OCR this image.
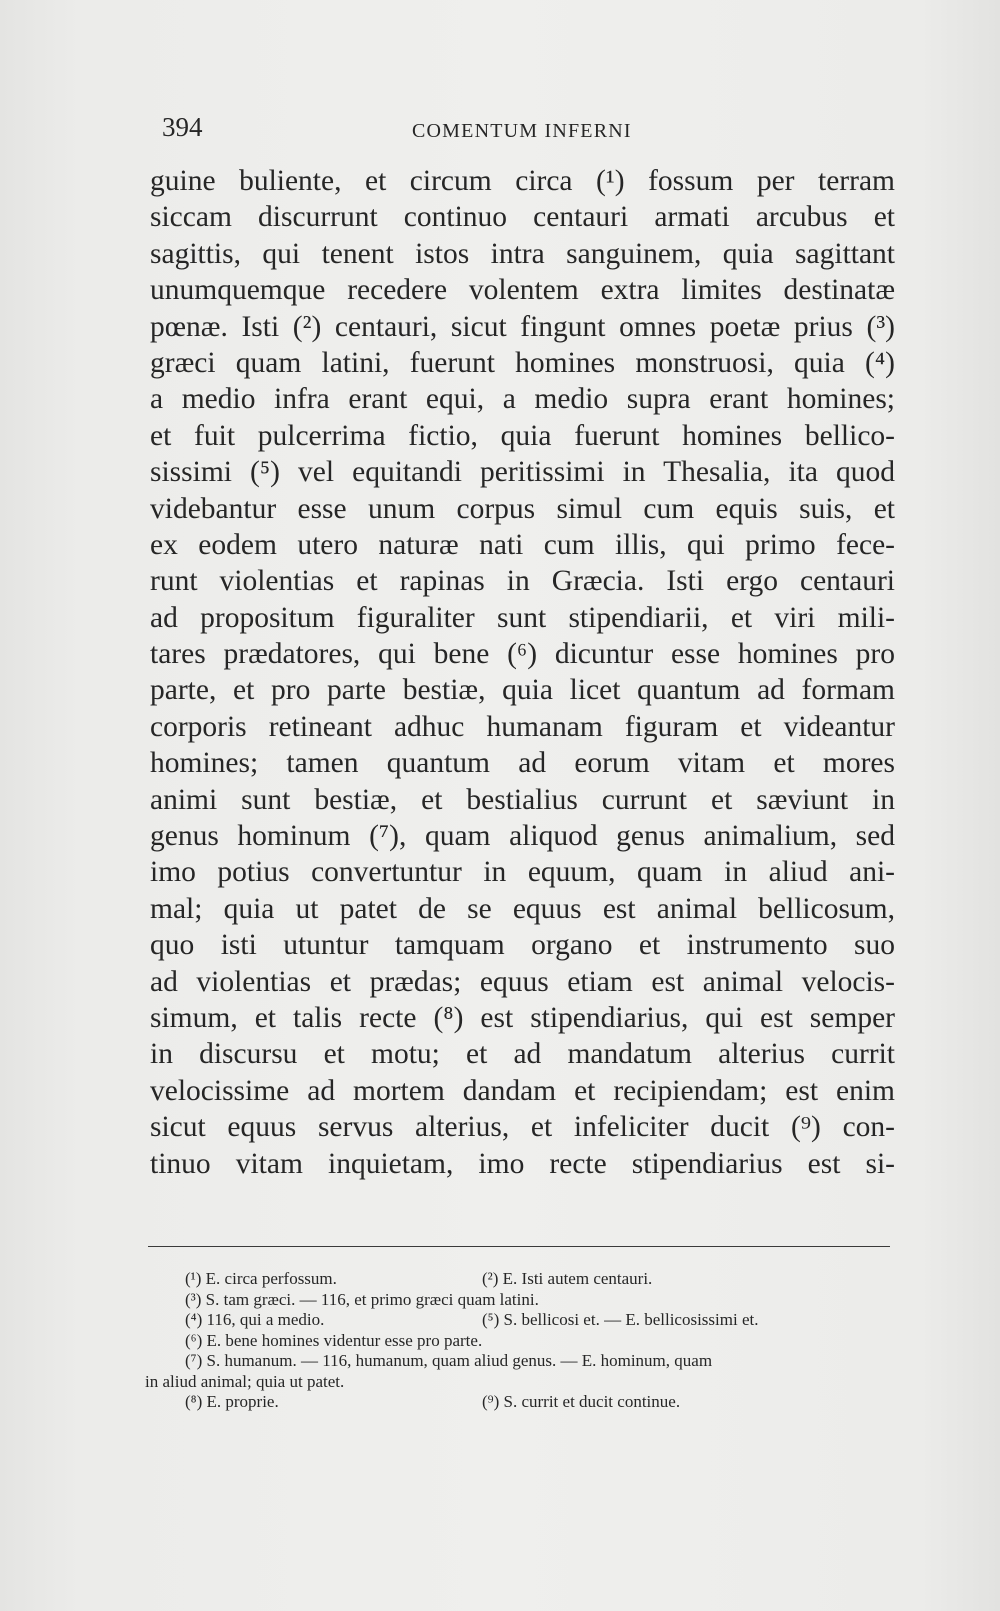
394	COMENTUM INFERNI
guine buliente, et circum circa (¹) fossum per terram
siccam discurrunt continuo centauri armati arcubus et
sagittis, qui tenent istos intra sanguinem, quia sagittant
unumquemque recedere volentem extra limites destinatæ
pœnæ. Isti (²) centauri, sicut fingunt omnes poetæ prius (³)
græci quam latini, fuerunt homines monstruosi, quia (⁴)
a medio infra erant equi, a medio supra erant homines;
et fuit pulcerrima fictio, quia fuerunt homines bellico-
sissimi (⁵) vel equitandi peritissimi in Thesalia, ita quod
videbantur esse unum corpus simul cum equis suis, et
ex eodem utero naturæ nati cum illis, qui primo fece-
runt violentias et rapinas in Græcia. Isti ergo centauri
ad propositum figuraliter sunt stipendiarii, et viri mili-
tares prædatores, qui bene (⁶) dicuntur esse homines pro
parte, et pro parte bestiæ, quia licet quantum ad formam
corporis retineant adhuc humanam figuram et videantur
homines; tamen quantum ad eorum vitam et mores
animi sunt bestiæ, et bestialius currunt et sæviunt in
genus hominum (⁷), quam aliquod genus animalium, sed
imo potius convertuntur in equum, quam in aliud ani-
mal; quia ut patet de se equus est animal bellicosum,
quo isti utuntur tamquam organo et instrumento suo
ad violentias et prædas; equus etiam est animal velocis-
simum, et talis recte (⁸) est stipendiarius, qui est semper
in discursu et motu; et ad mandatum alterius currit
velocissime ad mortem dandam et recipiendam; est enim
sicut equus servus alterius, et infeliciter ducit (⁹) con-
tinuo vitam inquietam, imo recte stipendiarius est si-
(¹) E. circa perfossum.	(²) E. Isti autem centauri.
(³) S. tam græci. — 116, et primo græci quam latini.
(⁴) 116, qui a medio.	(⁵) S. bellicosi et. — E. bellicosissimi et.
(⁶) E. bene homines videntur esse pro parte.
(⁷) S. humanum. — 116, humanum, quam aliud genus. — E. hominum, quam
in aliud animal; quia ut patet.
(⁸) E. proprie.	(⁹) S. currit et ducit continue.
